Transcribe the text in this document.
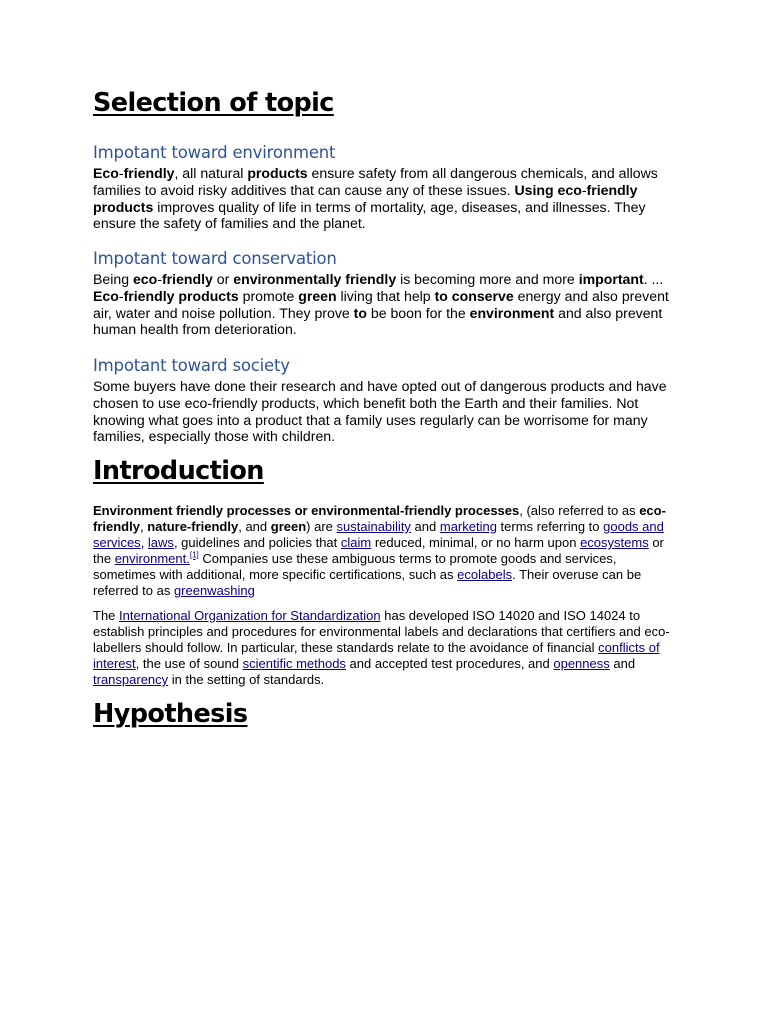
Selection of topic
Impotant toward environment

Eco-friendly, all natural products ensure safety from all dangerous chemicals, and allows families to avoid risky additives that can cause any of these issues. Using eco-friendly products improves quality of life in terms of mortality, age, diseases, and illnesses. They ensure the safety of families and the planet.

Impotant toward conservation

Being eco-friendly or environmentally friendly is becoming more and more important. ... Eco-friendly products promote green living that help to conserve energy and also prevent air, water and noise pollution. They prove to be boon for the environment and also prevent human health from deterioration.

Impotant toward society

Some buyers have done their research and have opted out of dangerous products and have chosen to use eco-friendly products, which benefit both the Earth and their families. Not knowing what goes into a product that a family uses regularly can be worrisome for many families, especially those with children.

Introduction

Environment friendly processes or environmental-friendly processes, (also referred to as eco-friendly, nature-friendly, and green) are sustainability and marketing terms referring to goods and services, laws, guidelines and policies that claim reduced, minimal, or no harm upon ecosystems or the environment.[1] Companies use these ambiguous terms to promote goods and services, sometimes with additional, more specific certifications, such as ecolabels. Their overuse can be referred to as greenwashing

The International Organization for Standardization has developed ISO 14020 and ISO 14024 to establish principles and procedures for environmental labels and declarations that certifiers and eco-labellers should follow. In particular, these standards relate to the avoidance of financial conflicts of interest, the use of sound scientific methods and accepted test procedures, and openness and transparency in the setting of standards.

Hypothesis
